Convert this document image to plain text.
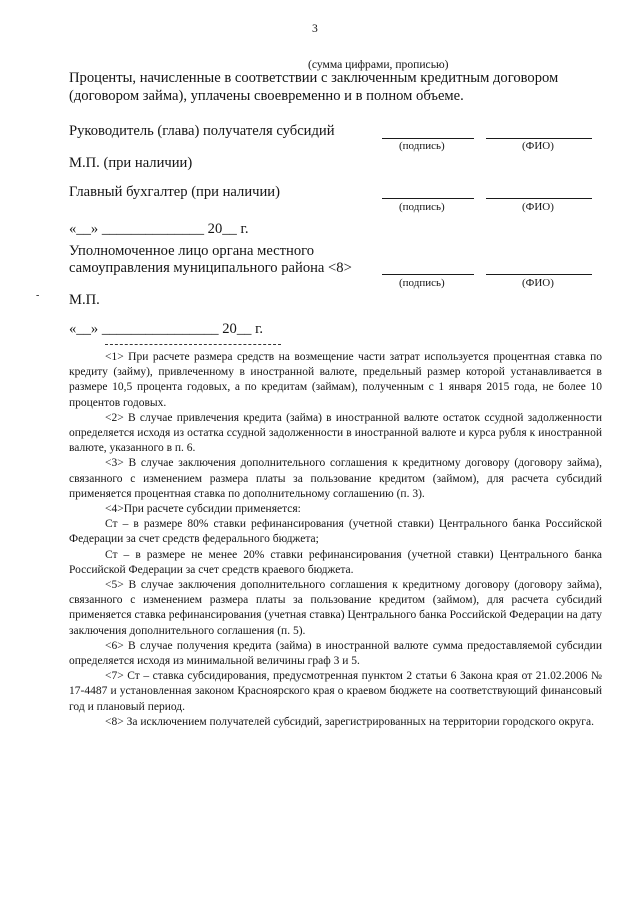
3
(сумма цифрами, прописью)
Проценты, начисленные в соответствии с заключенным кредитным договором
(договором займа), уплачены своевременно и в полном объеме.
Руководитель (глава) получателя субсидий
(подпись)	(ФИО)
М.П. (при наличии)
Главный бухгалтер (при наличии)
(подпись)	(ФИО)
«__» ______________ 20__ г.
Уполномоченное лицо органа местного
самоуправления муниципального района <8>
(подпись)	(ФИО)
- М.П.
«__» ________________ 20__ г.

<1> При расчете размера средств на возмещение части затрат используется процентная ставка по кредиту (займу), привлеченному в иностранной валюте, предельный размер которой устанавливается в размере 10,5 процента годовых, а по кредитам (займам), полученным с 1 января 2015 года, не более 10 процентов годовых.

<2> В случае привлечения кредита (займа) в иностранной валюте остаток ссудной задолженности определяется исходя из остатка ссудной задолженности в иностранной валюте и курса рубля к иностранной валюте, указанного в п. 6.

<3> В случае заключения дополнительного соглашения к кредитному договору (договору займа), связанного с изменением размера платы за пользование кредитом (займом), для расчета субсидий применяется процентная ставка по дополнительному соглашению (п. 3).

<4>При расчете субсидии применяется:

Ст – в размере 80% ставки рефинансирования (учетной ставки) Центрального банка Российской Федерации за счет средств федерального бюджета;

Ст – в размере не менее 20% ставки рефинансирования (учетной ставки) Центрального банка Российской Федерации за счет средств краевого бюджета.

<5> В случае заключения дополнительного соглашения к кредитному договору (договору займа), связанного с изменением размера платы за пользование кредитом (займом), для расчета субсидий применяется ставка рефинансирования (учетная ставка) Центрального банка Российской Федерации на дату заключения дополнительного соглашения (п. 5).

<6> В случае получения кредита (займа) в иностранной валюте сумма предоставляемой субсидии определяется исходя из минимальной величины граф 3 и 5.

<7> Ст – ставка субсидирования, предусмотренная пунктом 2 статьи 6 Закона края от 21.02.2006 № 17-4487 и установленная законом Красноярского края о краевом бюджете на соответствующий финансовый год и плановый период.

<8> За исключением получателей субсидий, зарегистрированных на территории городского округа.
